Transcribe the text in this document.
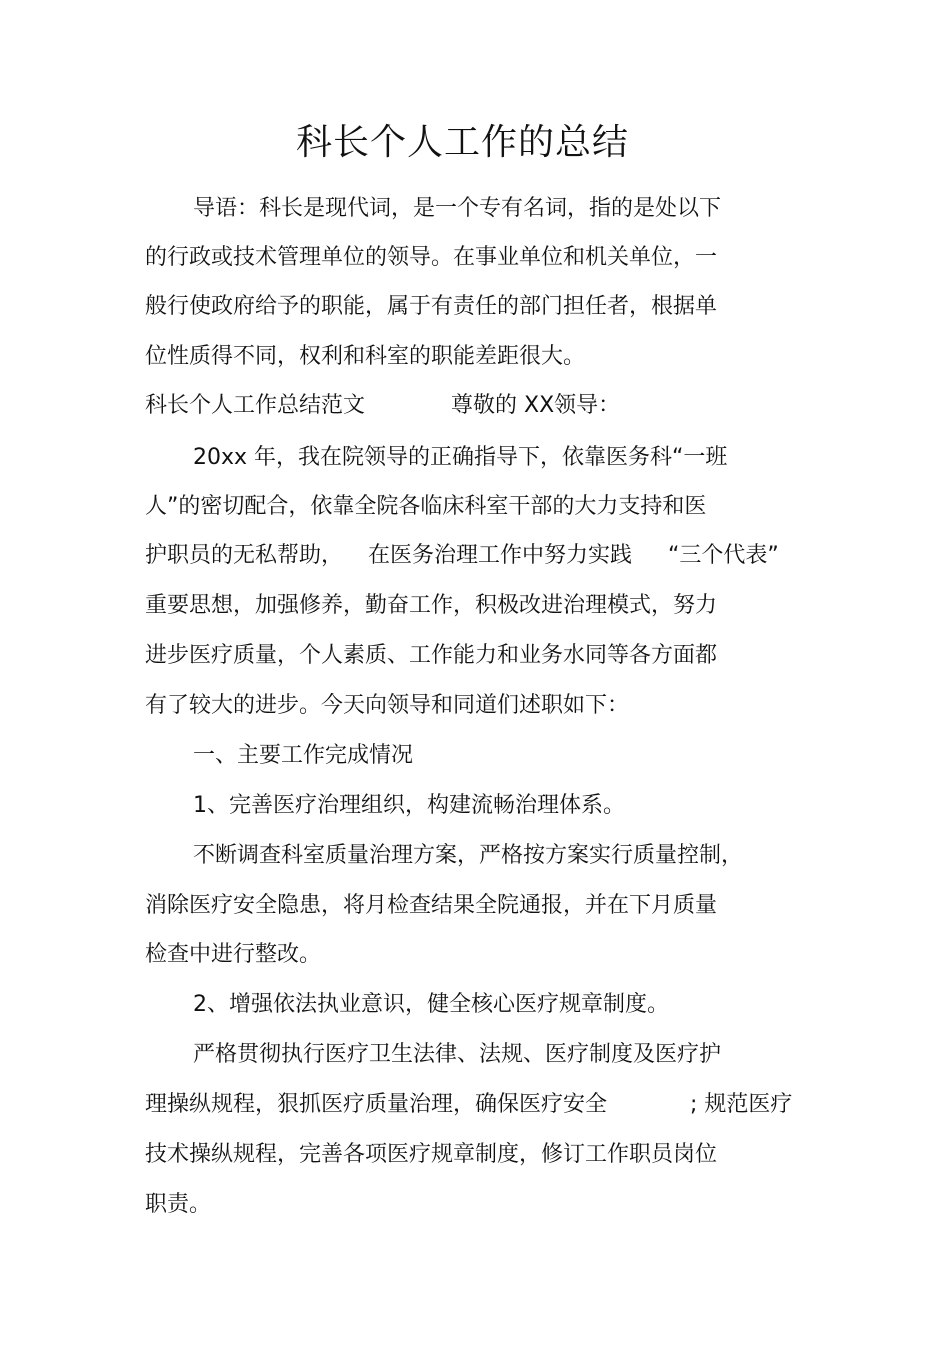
科长个人工作的总结
导语：科长是现代词，是一个专有名词，指的是处以下
的行政或技术管理单位的领导。在事业单位和机关单位，一
般行使政府给予的职能，属于有责任的部门担任者，根据单
位性质得不同，权利和科室的职能差距很大。
科长个人工作总结范文	尊敬的 XX领导：
20xx 年，我在院领导的正确指导下，依靠医务科“一班
人”的密切配合，依靠全院各临床科室干部的大力支持和医
护职员的无私帮助， 在医务治理工作中努力实践 “三个代表”
重要思想，加强修养，勤奋工作，积极改进治理模式，努力
进步医疗质量，个人素质、工作能力和业务水同等各方面都
有了较大的进步。今天向领导和同道们述职如下：
一、主要工作完成情况
1、完善医疗治理组织，构建流畅治理体系。
不断调查科室质量治理方案，严格按方案实行质量控制，
消除医疗安全隐患，将月检查结果全院通报，并在下月质量
检查中进行整改。
2、增强依法执业意识，健全核心医疗规章制度。
严格贯彻执行医疗卫生法律、法规、医疗制度及医疗护
理操纵规程，狠抓医疗质量治理，确保医疗安全	; 规范医疗
技术操纵规程，完善各项医疗规章制度，修订工作职员岗位
职责。
